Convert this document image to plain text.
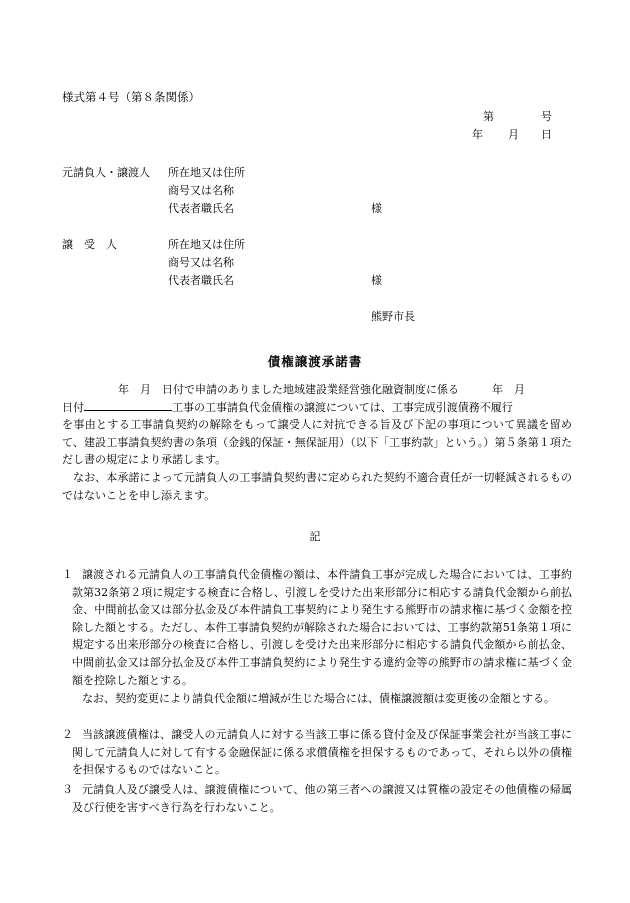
様式第４号（第８条関係）
第	号
年 月 日
元請負人・譲渡人 所在地又は住所
商号又は名称
代表者職氏名	様
譲　受　人	所在地又は住所
商号又は名称
代表者職氏名	様
熊野市長
債権譲渡承諾書
　　年　月　日付で申請のありました地域建設業経営強化融資制度に係る　　　年　月
日付	工事の工事請負代金債権の譲渡については、工事完成引渡債務不履行
を事由とする工事請負契約の解除をもって譲受人に対抗できる旨及び下記の事項について異議を留めて、建設工事請負契約書の条項（金銭的保証・無保証用）（以下「工事約款」という。）第５条第１項ただし書の規定により承諾します。
なお、本承諾によって元請負人の工事請負契約書に定められた契約不適合責任が一切軽減されるものではないことを申し添えます。
記
１ 譲渡される元請負人の工事請負代金債権の額は、本件請負工事が完成した場合においては、工事約款第32条第２項に規定する検査に合格し、引渡しを受けた出来形部分に相応する請負代金額から前払金、中間前払金又は部分払金及び本件請負工事契約により発生する熊野市の請求権に基づく金額を控除した額とする。ただし、本件工事請負契約が解除された場合においては、工事約款第51条第１項に規定する出来形部分の検査に合格し、引渡しを受けた出来形部分に相応する請負代金額から前払金、中間前払金又は部分払金及び本件工事請負契約により発生する違約金等の熊野市の請求権に基づく金額を控除した額とする。
なお、契約変更により請負代金額に増減が生じた場合には、債権譲渡額は変更後の金額とする。
２ 当該譲渡債権は、譲受人の元請負人に対する当該工事に係る貸付金及び保証事業会社が当該工事に関して元請負人に対して有する金融保証に係る求償債権を担保するものであって、それら以外の債権を担保するものではないこと。
３ 元請負人及び譲受人は、譲渡債権について、他の第三者への譲渡又は質権の設定その他債権の帰属及び行使を害すべき行為を行わないこと。
